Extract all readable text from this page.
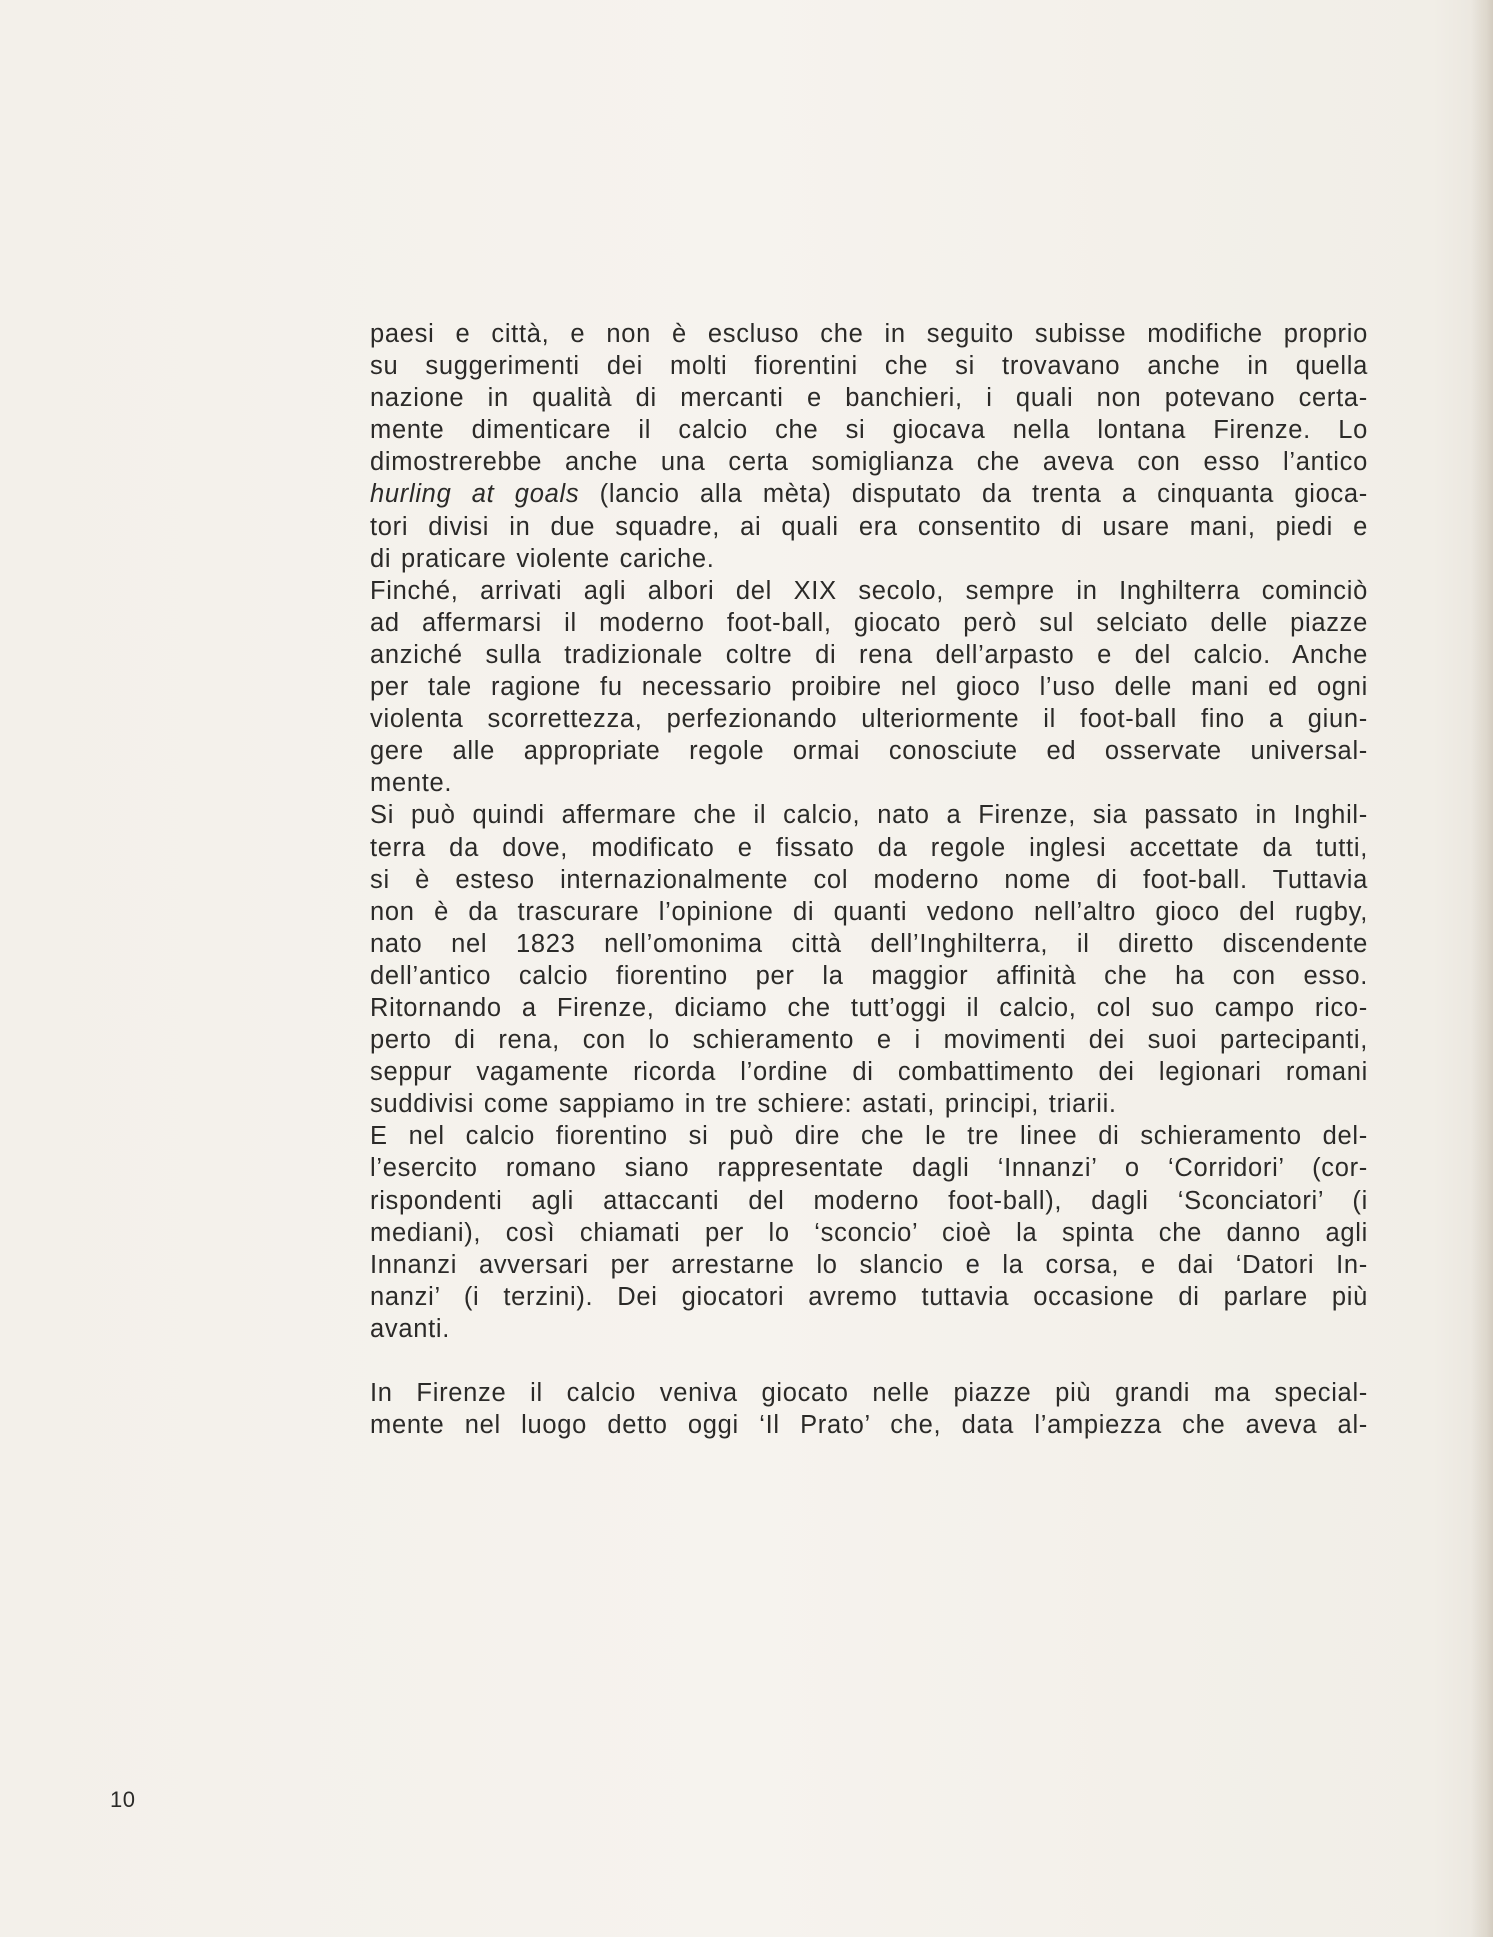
paesi e città, e non è escluso che in seguito subisse modifiche proprio
su suggerimenti dei molti fiorentini che si trovavano anche in quella
nazione in qualità di mercanti e banchieri, i quali non potevano certa-
mente dimenticare il calcio che si giocava nella lontana Firenze. Lo
dimostrerebbe anche una certa somiglianza che aveva con esso l’antico
hurling at goals (lancio alla mèta) disputato da trenta a cinquanta gioca-
tori divisi in due squadre, ai quali era consentito di usare mani, piedi e
di praticare violente cariche.
Finché, arrivati agli albori del XIX secolo, sempre in Inghilterra cominciò
ad affermarsi il moderno foot-ball, giocato però sul selciato delle piazze
anziché sulla tradizionale coltre di rena dell’arpasto e del calcio. Anche
per tale ragione fu necessario proibire nel gioco l’uso delle mani ed ogni
violenta scorrettezza, perfezionando ulteriormente il foot-ball fino a giun-
gere alle appropriate regole ormai conosciute ed osservate universal-
mente.
Si può quindi affermare che il calcio, nato a Firenze, sia passato in Inghil-
terra da dove, modificato e fissato da regole inglesi accettate da tutti,
si è esteso internazionalmente col moderno nome di foot-ball. Tuttavia
non è da trascurare l’opinione di quanti vedono nell’altro gioco del rugby,
nato nel 1823 nell’omonima città dell’Inghilterra, il diretto discendente
dell’antico calcio fiorentino per la maggior affinità che ha con esso.
Ritornando a Firenze, diciamo che tutt’oggi il calcio, col suo campo rico-
perto di rena, con lo schieramento e i movimenti dei suoi partecipanti,
seppur vagamente ricorda l’ordine di combattimento dei legionari romani
suddivisi come sappiamo in tre schiere: astati, principi, triarii.
E nel calcio fiorentino si può dire che le tre linee di schieramento del-
l’esercito romano siano rappresentate dagli ‘Innanzi’ o ‘Corridori’ (cor-
rispondenti agli attaccanti del moderno foot-ball), dagli ‘Sconciatori’ (i
mediani), così chiamati per lo ‘sconcio’ cioè la spinta che danno agli
Innanzi avversari per arrestarne lo slancio e la corsa, e dai ‘Datori In-
nanzi’ (i terzini). Dei giocatori avremo tuttavia occasione di parlare più
avanti.
In Firenze il calcio veniva giocato nelle piazze più grandi ma special-
mente nel luogo detto oggi ‘Il Prato’ che, data l’ampiezza che aveva al-
10
